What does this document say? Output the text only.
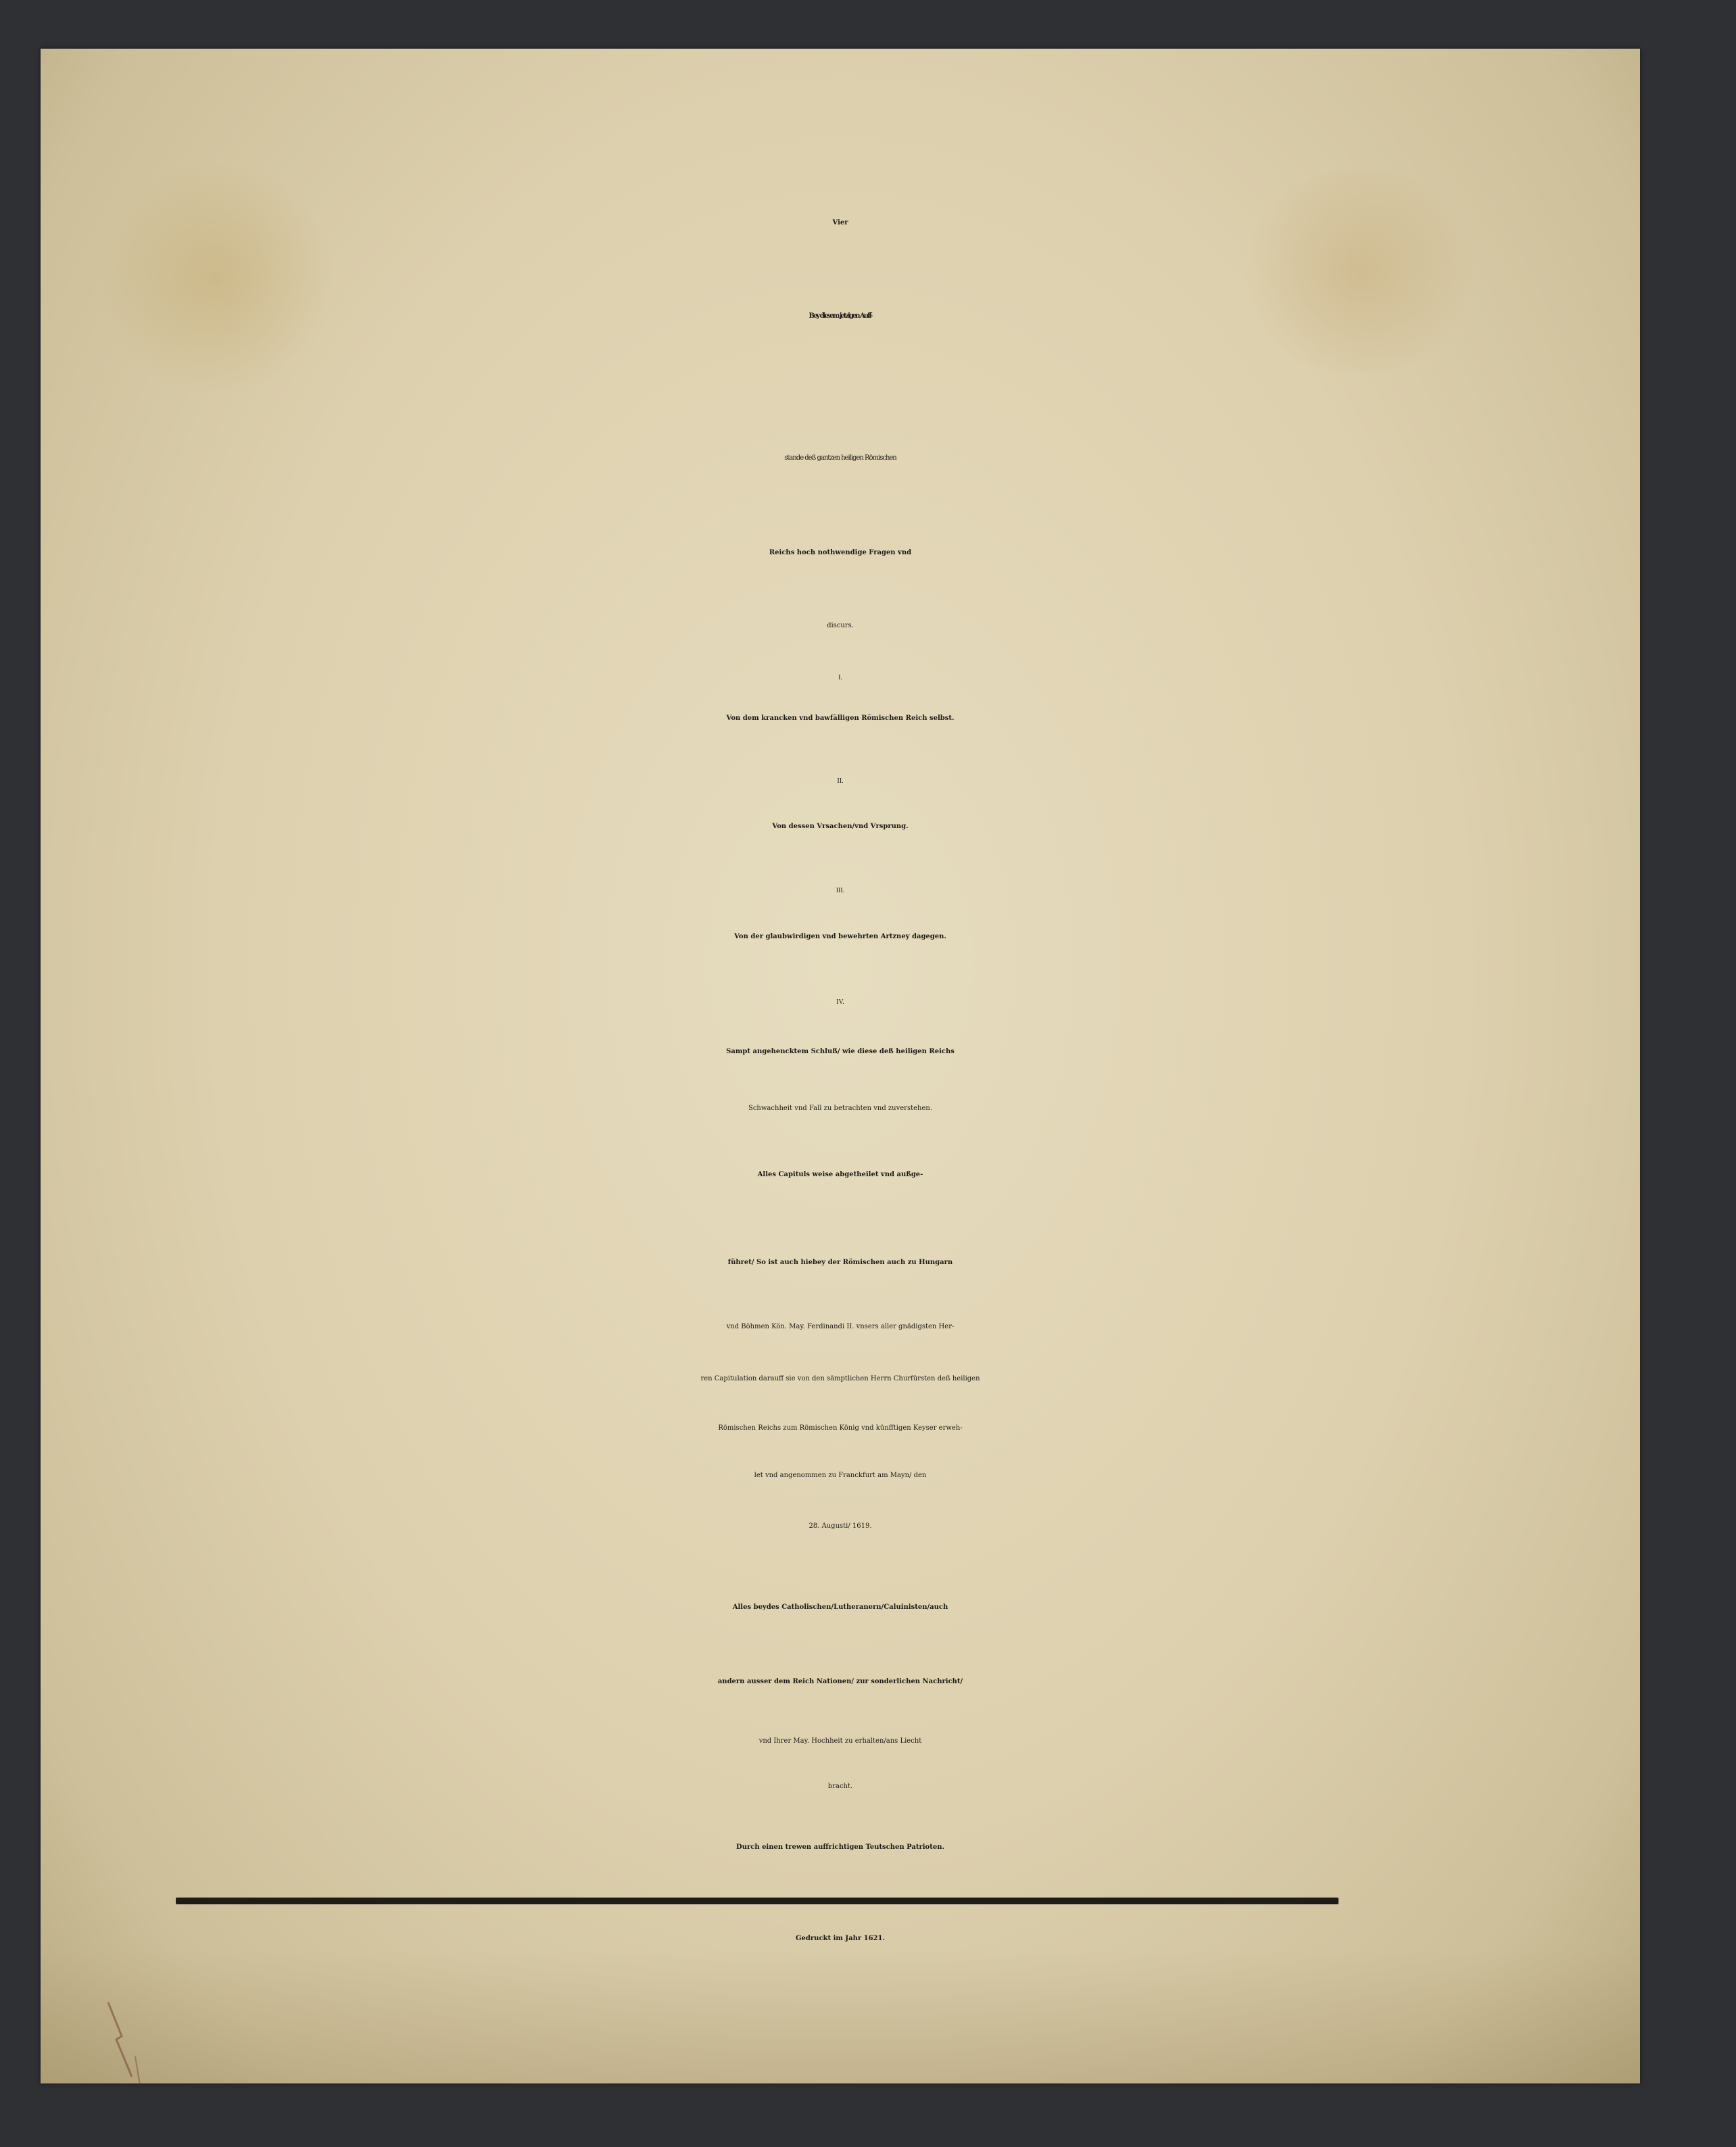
Vier
Bey diesem jetzigen Auff-
stande deß gantzen heiligen Römischen
Reichs hoch nothwendige Fragen vnd
discurs.
I.
Von dem krancken vnd bawfälligen Römischen Reich selbst.
II.
Von dessen Vrsachen/vnd Vrsprung.
III.
Von der glaubwirdigen vnd bewehrten Artzney dagegen.
IV.
Sampt angehencktem Schluß/ wie diese deß heiligen Reichs
Schwachheit vnd Fall zu betrachten vnd zuverstehen.
Alles Capituls weise abgetheilet vnd außge-
führet/ So ist auch hiebey der Römischen auch zu Hungarn
vnd Böhmen Kön. May. Ferdinandi II. vnsers aller gnädigsten Her-
ren Capitulation darauff sie von den sämptlichen Herrn Churfürsten deß heiligen
Römischen Reichs zum Römischen König vnd künfftigen Keyser erweh-
let vnd angenommen zu Franckfurt am Mayn/ den
28. Augusti/ 1619.
Alles beydes Catholischen/Lutheranern/Caluinisten/auch
andern ausser dem Reich Nationen/ zur sonderlichen Nachricht/
vnd Ihrer May. Hochheit zu erhalten/ans Liecht
bracht.
Durch einen trewen auffrichtigen Teutschen Patrioten.
Gedruckt im Jahr 1621.
